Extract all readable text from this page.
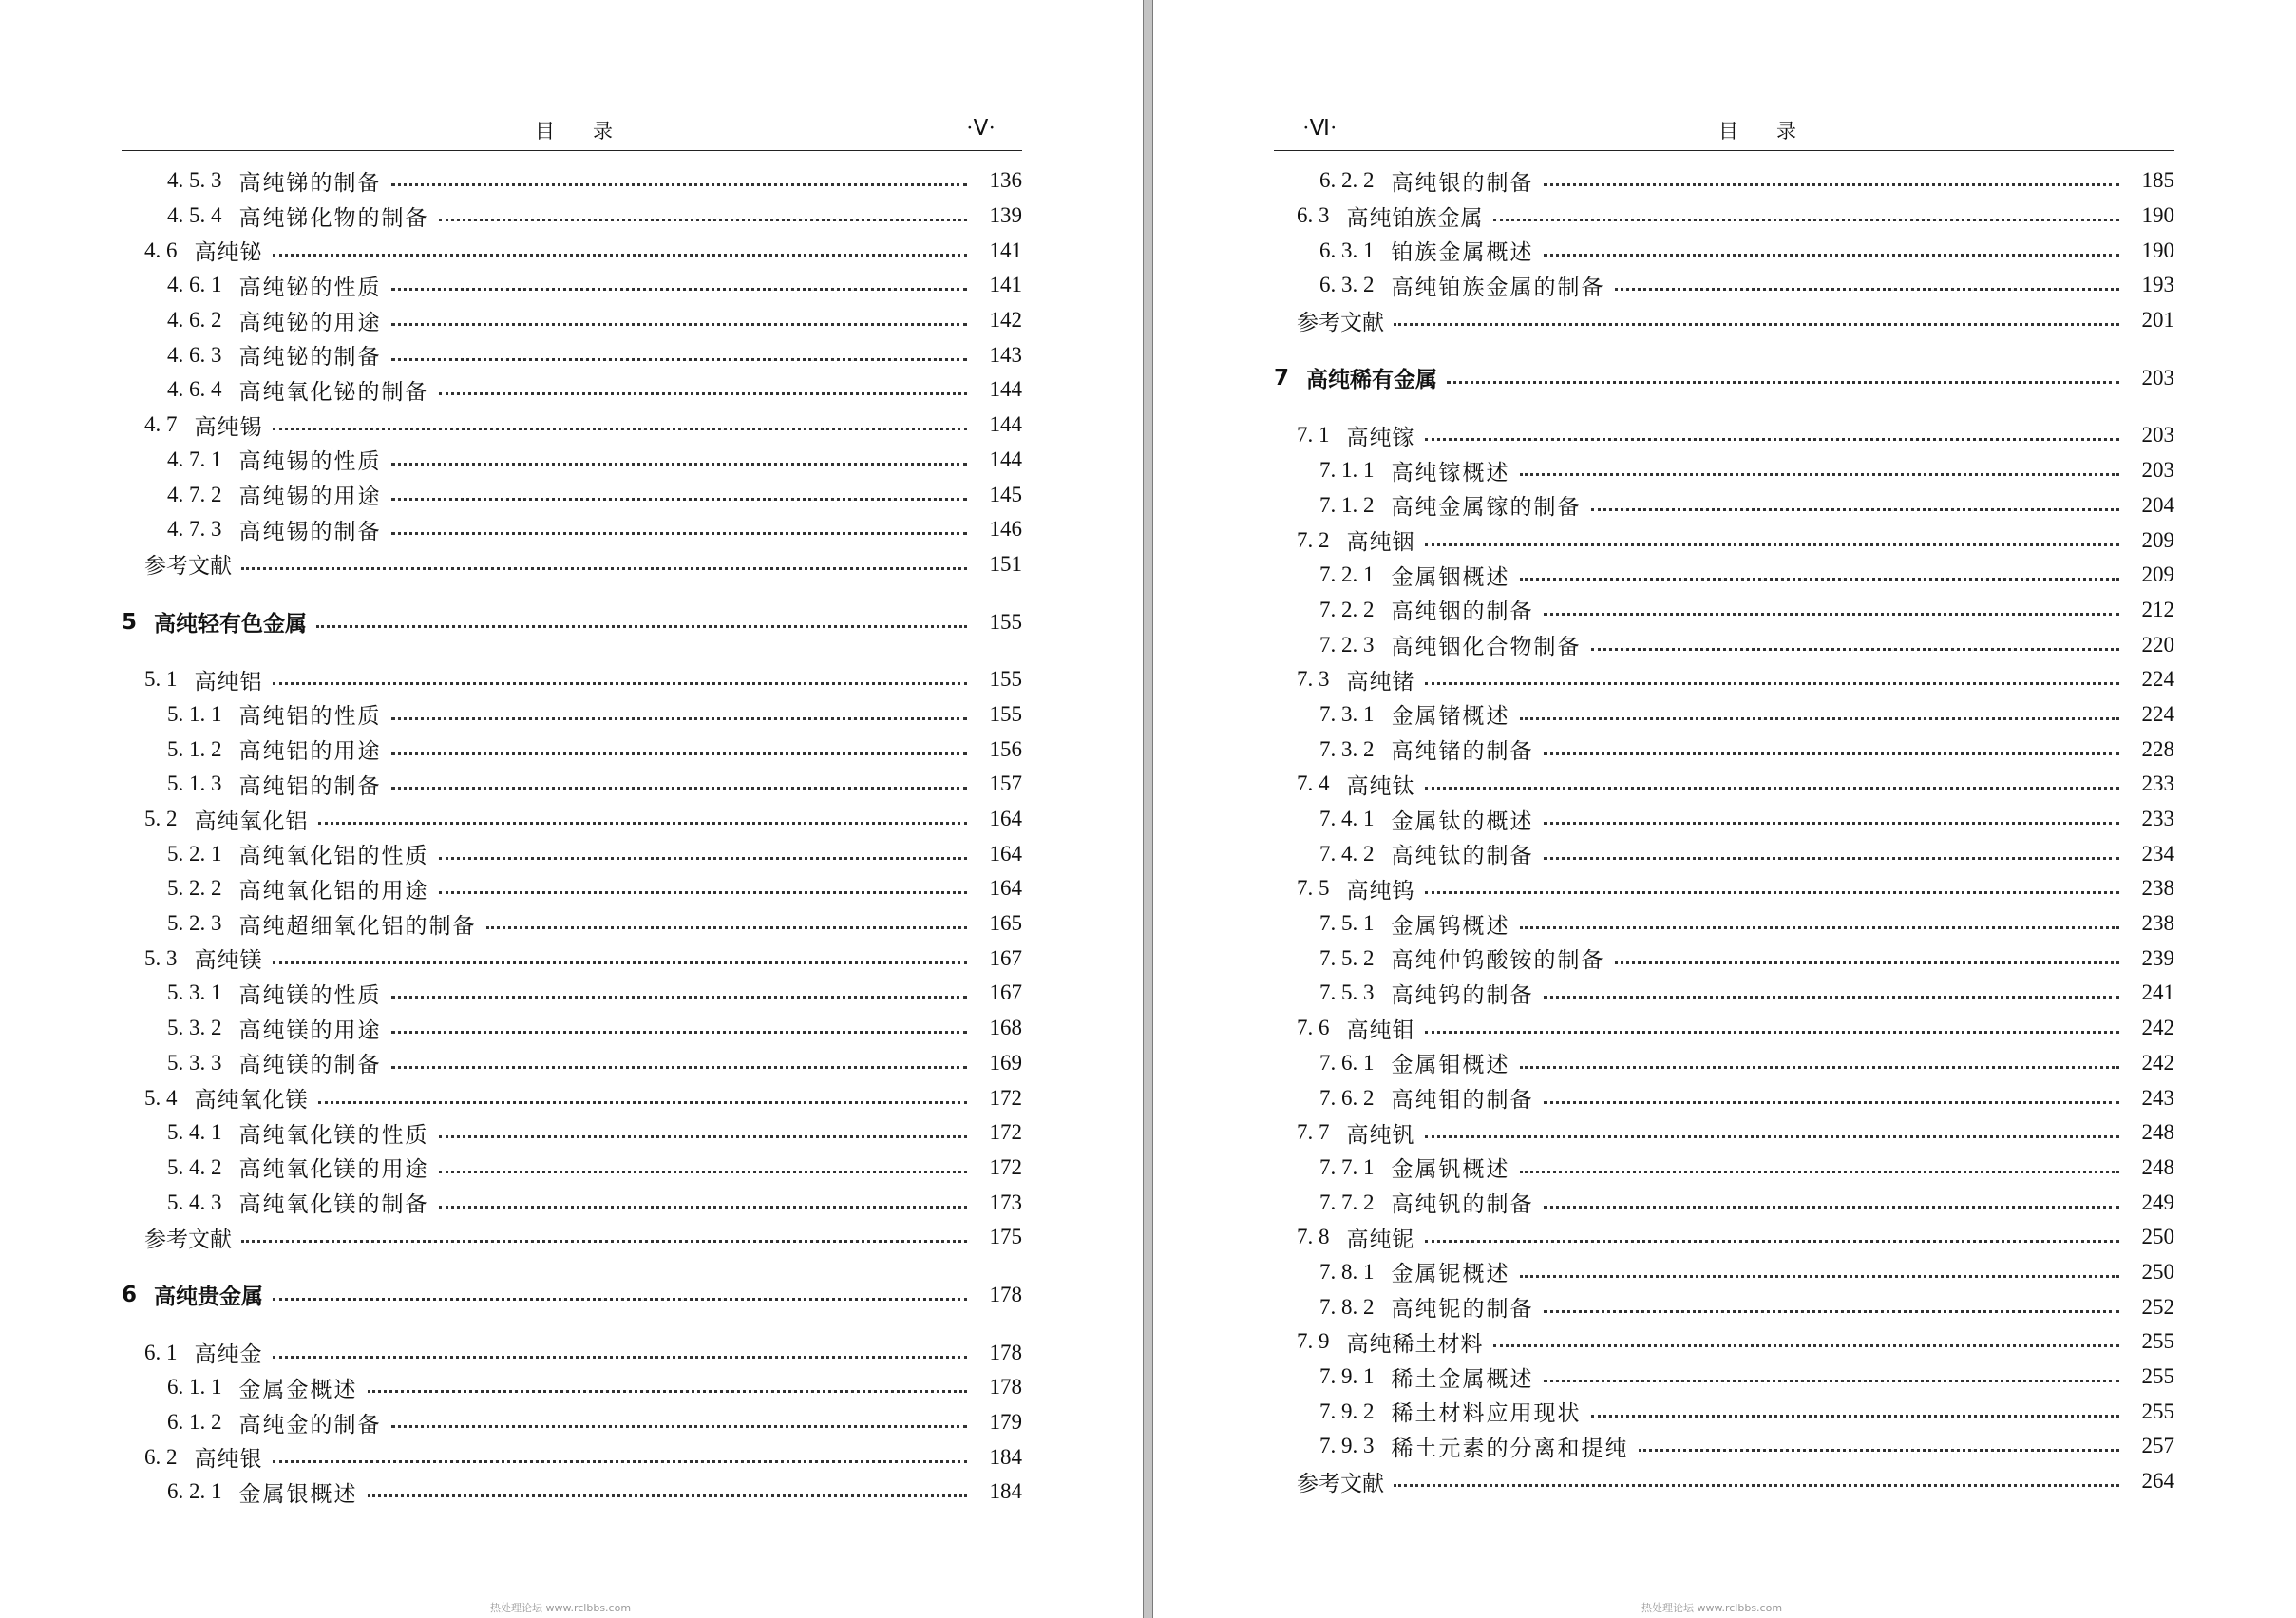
目 录	·Ⅴ·
4. 5. 3 高纯锑的制备	136
4. 5. 4 高纯锑化物的制备	139
4. 6 高纯铋	141
4. 6. 1 高纯铋的性质	141
4. 6. 2 高纯铋的用途	142
4. 6. 3 高纯铋的制备	143
4. 6. 4 高纯氧化铋的制备	144
4. 7 高纯锡	144
4. 7. 1 高纯锡的性质	144
4. 7. 2 高纯锡的用途	145
4. 7. 3 高纯锡的制备	146
参考文献	151
5 高纯轻有色金属	155
5. 1 高纯铝	155
5. 1. 1 高纯铝的性质	155
5. 1. 2 高纯铝的用途	156
5. 1. 3 高纯铝的制备	157
5. 2 高纯氧化铝	164
5. 2. 1 高纯氧化铝的性质	164
5. 2. 2 高纯氧化铝的用途	164
5. 2. 3 高纯超细氧化铝的制备	165
5. 3 高纯镁	167
5. 3. 1 高纯镁的性质	167
5. 3. 2 高纯镁的用途	168
5. 3. 3 高纯镁的制备	169
5. 4 高纯氧化镁	172
5. 4. 1 高纯氧化镁的性质	172
5. 4. 2 高纯氧化镁的用途	172
5. 4. 3 高纯氧化镁的制备	173
参考文献	175
6 高纯贵金属	178
6. 1 高纯金	178
6. 1. 1 金属金概述	178
6. 1. 2 高纯金的制备	179
6. 2 高纯银	184
6. 2. 1 金属银概述	184
热处理论坛 www.rclbbs.com
·Ⅵ·	目 录
6. 2. 2 高纯银的制备	185
6. 3 高纯铂族金属	190
6. 3. 1 铂族金属概述	190
6. 3. 2 高纯铂族金属的制备	193
参考文献	201
7 高纯稀有金属	203
7. 1 高纯镓	203
7. 1. 1 高纯镓概述	203
7. 1. 2 高纯金属镓的制备	204
7. 2 高纯铟	209
7. 2. 1 金属铟概述	209
7. 2. 2 高纯铟的制备	212
7. 2. 3 高纯铟化合物制备	220
7. 3 高纯锗	224
7. 3. 1 金属锗概述	224
7. 3. 2 高纯锗的制备	228
7. 4 高纯钛	233
7. 4. 1 金属钛的概述	233
7. 4. 2 高纯钛的制备	234
7. 5 高纯钨	238
7. 5. 1 金属钨概述	238
7. 5. 2 高纯仲钨酸铵的制备	239
7. 5. 3 高纯钨的制备	241
7. 6 高纯钼	242
7. 6. 1 金属钼概述	242
7. 6. 2 高纯钼的制备	243
7. 7 高纯钒	248
7. 7. 1 金属钒概述	248
7. 7. 2 高纯钒的制备	249
7. 8 高纯铌	250
7. 8. 1 金属铌概述	250
7. 8. 2 高纯铌的制备	252
7. 9 高纯稀土材料	255
7. 9. 1 稀土金属概述	255
7. 9. 2 稀土材料应用现状	255
7. 9. 3 稀土元素的分离和提纯	257
参考文献	264
热处理论坛 www.rclbbs.com
